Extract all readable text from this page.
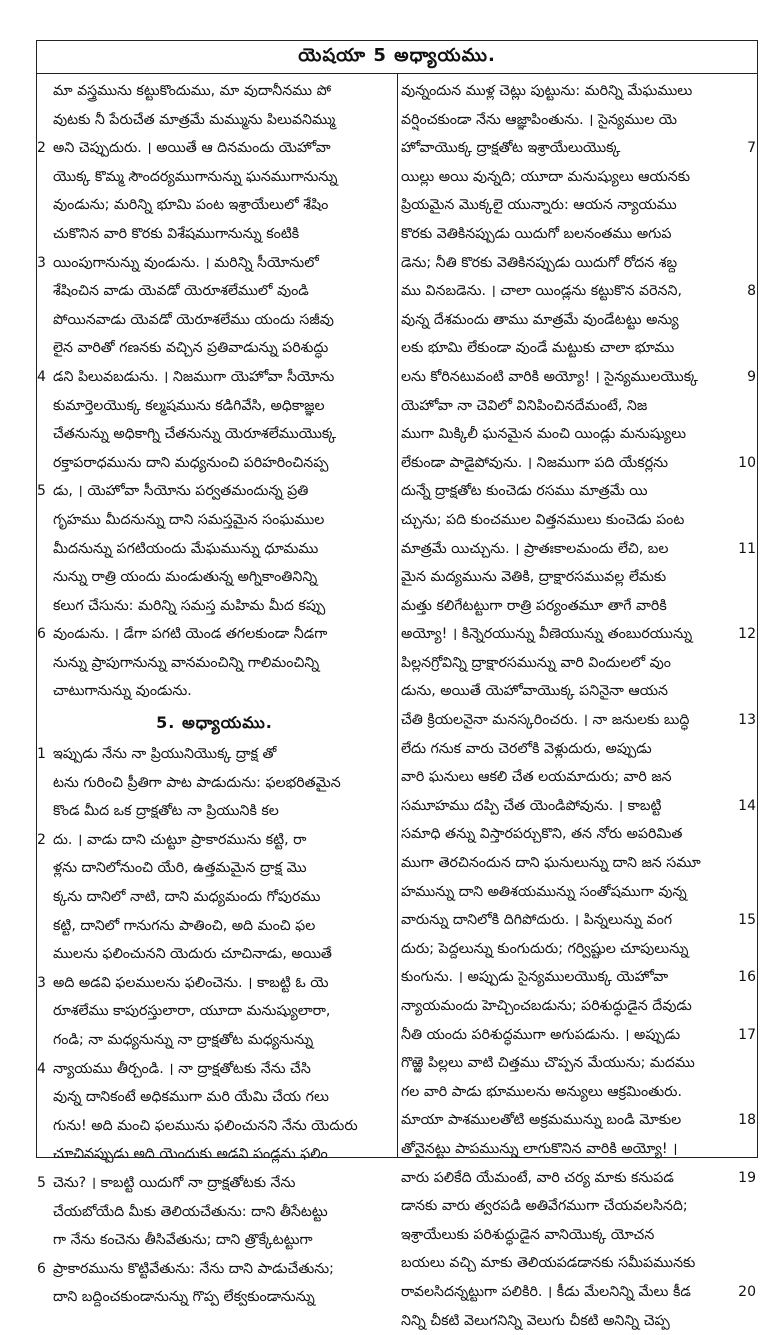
యెషయా 5 అధ్యాయము.
మా వస్త్రమును కట్టుకొందుము, మా వుదానీనము పో
వుటకు నీ పేరుచేత మాత్రమే మమ్మును పిలువనిమ్ము
2 అని చెప్పుదురు. । అయితే ఆ దినమందు యెహోవా
యొక్క కొమ్మ సౌందర్యముగానున్ను ఘనముగానున్ను
వుండును; మరిన్ని భూమి పంట ఇశ్రాయేలులో శేషిం
చుకొనిన వారి కొరకు విశేషముగానున్ను కంటికి
3 యింపుగానున్ను వుండును. । మరిన్ని సీయోనులో
శేషించిన వాడు యెవడో యెరూశలేములో వుండి
పోయినవాడు యెవడో యెరూశలేము యందు సజీవు
లైన వారితో గణనకు వచ్చిన ప్రతివాడున్ను పరిశుద్ధు
4 డని పిలువబడును. । నిజముగా యెహోవా సీయోను
కుమార్తెలయొక్క కల్మషమును కడిగివేసి, అధికాజ్ఞల
చేతనున్ను అధికాగ్ని చేతనున్ను యెరూశలేముయొక్క
రక్తాపరాధమును దాని మధ్యనుంచి పరిహరించినప్ప
5 డు, । యెహోవా సీయోను పర్వతమందున్న ప్రతి
గృహము మీదనున్ను దాని సమస్తమైన సంఘముల
మీదనున్ను పగటియందు మేఘమున్ను ధూమము
నున్ను రాత్రి యందు మండుతున్న అగ్నికాంతినిన్ని
కలుగ చేసును: మరిన్ని సమస్త మహిమ మీద కప్పు
6 వుండును. । డేగా పగటి యెండ తగలకుండా నీడగా
నున్ను ప్రాపుగానున్ను వానమంచిన్ని గాలిమంచిన్ని
చాటుగానున్ను వుండును.
5. అధ్యాయము.
1 ఇప్పుడు నేను నా ప్రియునియొక్క ద్రాక్ష తో
టను గురించి ప్రీతిగా పాట పాడుదును: ఫలభరితమైన
కొండ మీద ఒక ద్రాక్షతోట నా ప్రియునికి కల
2 దు. । వాడు దాని చుట్టూ ప్రాకారమును కట్టి, రా
ళ్లను దానిలోనుంచి యేరి, ఉత్తమమైన ద్రాక్ష మొ
క్కను దానిలో నాటి, దాని మధ్యమందు గోపురము
కట్టి, దానిలో గానుగను పాతించి, అది మంచి ఫల
ములను ఫలించునని యెదురు చూచినాడు, అయితే
3 అది అడవి ఫలములను ఫలించెను. । కాబట్టి ఓ యె
రూశలేము కాపురస్తులారా, యూదా మనుష్యులారా,
గండి; నా మధ్యనున్ను నా ద్రాక్షతోట మధ్యనున్ను
4 న్యాయము తీర్చండి. । నా ద్రాక్షతోటకు నేను చేసి
వున్న దానికంటే అధికముగా మరి యేమి చేయ గలు
గును! అది మంచి ఫలమును ఫలించునని నేను యెదురు
చూచినప్పుడు అది యెందుకు అడవి పండ్లను ఫలిం
5 చెను? । కాబట్టి యిదుగో నా ద్రాక్షతోటకు నేను
చేయబోయేది మీకు తెలియచేతును: దాని తీసేటట్టు
గా నేను కంచెను తీసివేతును; దాని త్రొక్కేటట్టుగా
6 ప్రాకారమును కొట్టివేతును: నేను దాని పాడుచేతును;
దాని బద్దించకుండానున్ను గొప్ప లేక్వకుండానున్ను
వున్నందున ముళ్ల చెట్లు పుట్టును: మరిన్ని మేఘములు
వర్షించకుండా నేను ఆజ్ఞాపింతును. । సైన్యముల యె
7
హోవాయొక్క ద్రాక్షతోట ఇశ్రాయేలుయొక్క
యిల్లు అయి వున్నది; యూదా మనుష్యులు ఆయనకు
ప్రియమైన మొక్కలై యున్నారు: ఆయన న్యాయము
కొరకు వెతికినప్పుడు యిదుగో బలనంతము అగుప
డెను; నీతి కొరకు వెతికినప్పుడు యిదుగో రోదన శబ్ద
8
ము వినబడెను. । చాలా యిండ్లను కట్టుకొన వరెనని,
వున్న దేశమందు తాము మాత్రమే వుండేటట్టు అన్యు
లకు భూమి లేకుండా వుండే మట్టుకు చాలా భూము
9
లను కోరినటువంటి వారికి అయ్యో! । సైన్యములయొక్క
యెహోవా నా చెవిలో వినిపించినదేమంటే, నిజ
ముగా మిక్కిలీ ఘనమైన మంచి యిండ్లు మనుష్యులు
10
లేకుండా పాడైపోవును. । నిజముగా పది యేకర్లను
దున్నే ద్రాక్షతోట కుంచెడు రసము మాత్రమే యి
చ్చును; పది కుంచముల విత్తనములు కుంచెడు పంట
11
మాత్రమే యిచ్చును. । ప్రాతఃకాలమందు లేచి, బల
మైన మద్యమును వెతికి, ద్రాక్షారసమువల్ల లేమకు
మత్తు కలిగేటట్టుగా రాత్రి పర్యంతమూ తాగే వారికి
12
అయ్యో! । కిన్నెరయున్ను వీణెయున్ను తంబురయున్ను
పిల్లనగ్రోవిన్ని ద్రాక్షారసమున్ను వారి విందులలో వుం
డును, అయితే యెహోవాయొక్క పనినైనా ఆయన
13
చేతి క్రియలనైనా మనస్కరించరు. । నా జనులకు బుద్ధి
లేదు గనుక వారు చెరలోకి వెళ్లుదురు, అప్పుడు
వారి ఘనులు ఆకలి చేత లయమాదురు; వారి జన
14
సమూహము దప్పి చేత యెండిపోవును. । కాబట్టి
సమాధి తన్ను విస్తారపర్చుకొని, తన నోరు అపరిమిత
ముగా తెరచినందున దాని ఘనులున్ను దాని జన సమూ
హమున్ను దాని అతిశయమున్ను సంతోషముగా వున్న
15
వారున్ను దానిలోకి దిగిపోదురు. । పిన్నలున్ను వంగ
దురు; పెద్దలున్ను కుంగుదురు; గర్విష్టుల చూపులున్ను
16
కుంగును. । అప్పుడు సైన్యములయొక్క యెహోవా
న్యాయమందు హెచ్చించబడును; పరిశుద్ధుడైన దేవుడు
17
నీతి యందు పరిశుద్ధముగా అగుపడును. । అప్పుడు
గొఱ్ఱె పిల్లలు వాటి చిత్తము చొప్పన మేయును; మదము
గల వారి పాడు భూములను అన్యులు ఆక్రమింతురు.
18
మాయా పాశములతోటి అక్రమమున్ను బండి మోకుల
తోనైనట్టు పాపమున్ను లాగుకొనిన వారికి అయ్యో! ।
19
వారు పలికేది యేమంటే, వారి చర్య మాకు కనుపడ
డానకు వారు త్వరపడి అతివేగముగా చేయవలసినది;
ఇశ్రాయేలుకు పరిశుద్ధుడైన వానియొక్క యోచన
బయలు వచ్చి మాకు తెలియపడడానకు సమీపమునకు
20
రావలసిదన్నట్టుగా పలికిరి. । కీడు మేలనిన్ని మేలు కీడ
నిన్ని చీకటి వెలుగనిన్ని వెలుగు చీకటి అనిన్ని చెప్ప
